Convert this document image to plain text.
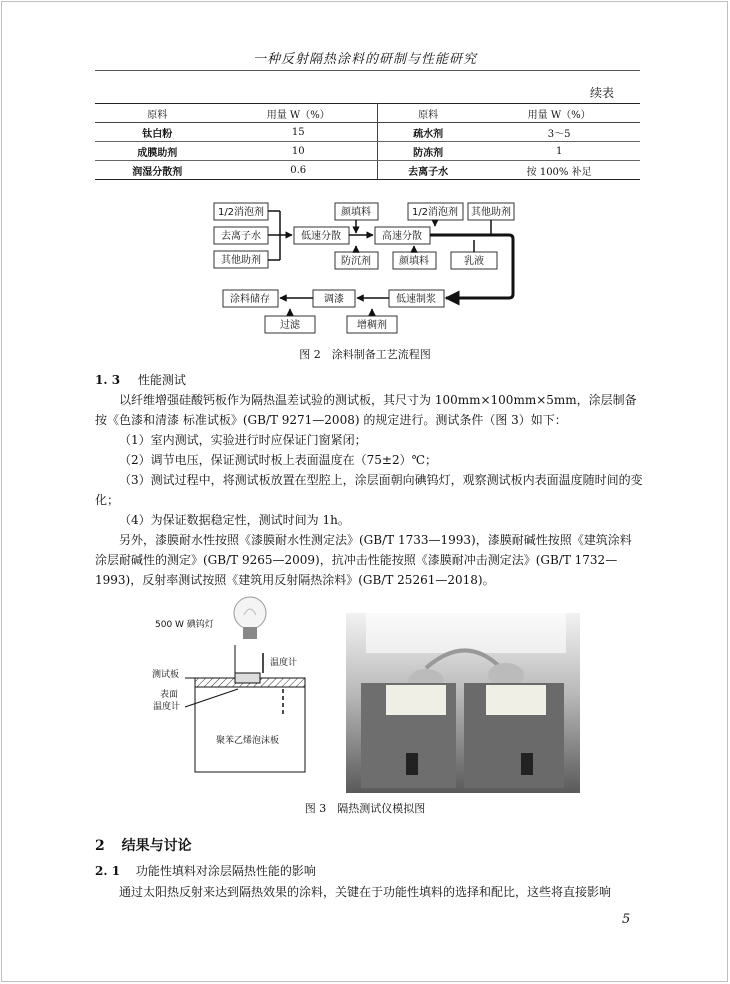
一种反射隔热涂料的研制与性能研究
续表
原料	用量 W（%）	原料	用量 W（%）
钛白粉	15	疏水剂	3～5
成膜助剂	10	防冻剂	1
润湿分散剂	0.6	去离子水	按 100% 补足
1/2消泡剂
去离子水
其他助剂
低速分散
颜填料
高速分散
1/2消泡剂 其他助剂
防沉剂	颜填料	乳液
涂料储存	调漆	低速制浆
过滤	增稠剂
图 2　涂料制备工艺流程图
1. 3 性能测试
以纤维增强硅酸钙板作为隔热温差试验的测试板，其尺寸为 100mm×100mm×5mm，涂层制备按《色漆和清漆 标准试板》(GB/T 9271—2008) 的规定进行。测试条件（图 3）如下：
（1）室内测试，实验进行时应保证门窗紧闭；
（2）调节电压，保证测试时板上表面温度在（75±2）℃；
（3）测试过程中，将测试板放置在型腔上，涂层面朝向碘钨灯，观察测试板内表面温度随时间的变化；
（4）为保证数据稳定性，测试时间为 1h。
另外，漆膜耐水性按照《漆膜耐水性测定法》(GB/T 1733—1993)，漆膜耐碱性按照《建筑涂料 涂层耐碱性的测定》(GB/T 9265—2009)，抗冲击性能按照《漆膜耐冲击测定法》(GB/T 1732—1993)，反射率测试按照《建筑用反射隔热涂料》(GB/T 25261—2018)。
500 W 碘钨灯
温度计
测试板
表面
温度计
聚苯乙烯泡沫板
图 3　隔热测试仪模拟图
2 结果与讨论
2. 1 功能性填料对涂层隔热性能的影响
通过太阳热反射来达到隔热效果的涂料，关键在于功能性填料的选择和配比，这些将直接影响
5
